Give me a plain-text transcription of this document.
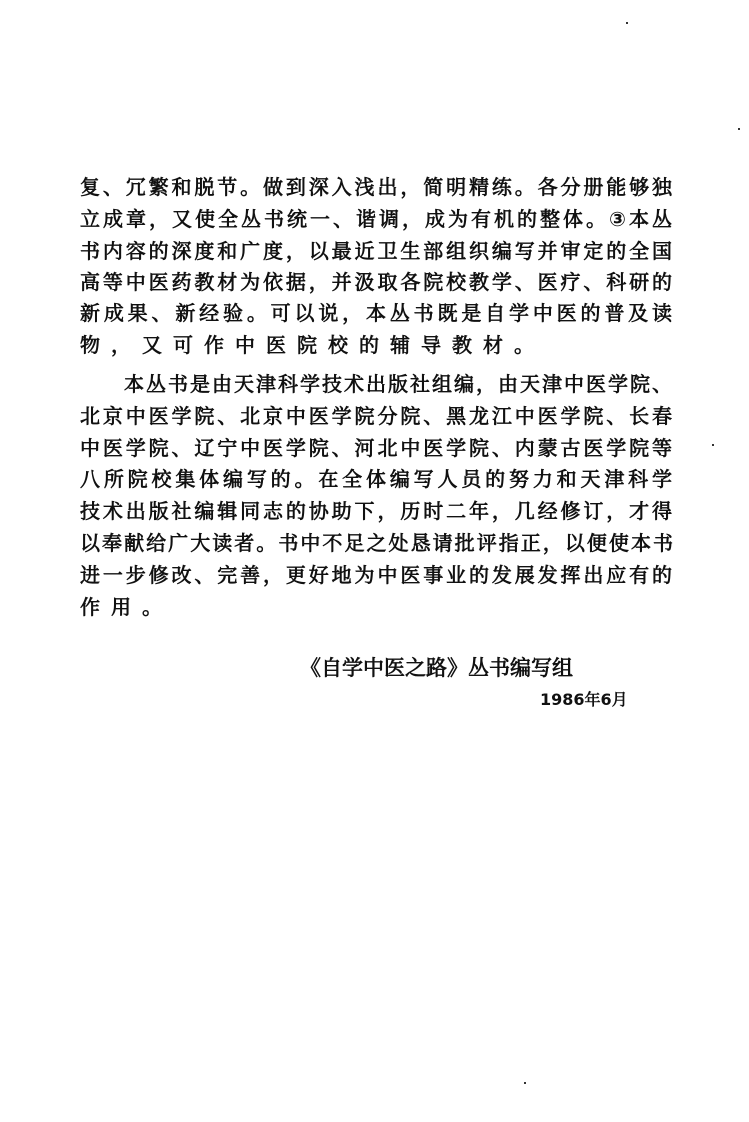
复、冗繁和脱节。做到深入浅出，简明精练。各分册能够独
立成章，又使全丛书统一、谐调，成为有机的整体。③本丛
书内容的深度和广度，以最近卫生部组织编写并审定的全国
高等中医药教材为依据，并汲取各院校教学、医疗、科研的
新成果、新经验。可以说，本丛书既是自学中医的普及读
物，又可作中医院校的辅导教材。
　　本丛书是由天津科学技术出版社组编，由天津中医学院、
北京中医学院、北京中医学院分院、黑龙江中医学院、长春
中医学院、辽宁中医学院、河北中医学院、内蒙古医学院等
八所院校集体编写的。在全体编写人员的努力和天津科学
技术出版社编辑同志的协助下，历时二年，几经修订，才得
以奉献给广大读者。书中不足之处恳请批评指正，以便使本书
进一步修改、完善，更好地为中医事业的发展发挥出应有的
作用。
《自学中医之路》丛书编写组
1986年6月
